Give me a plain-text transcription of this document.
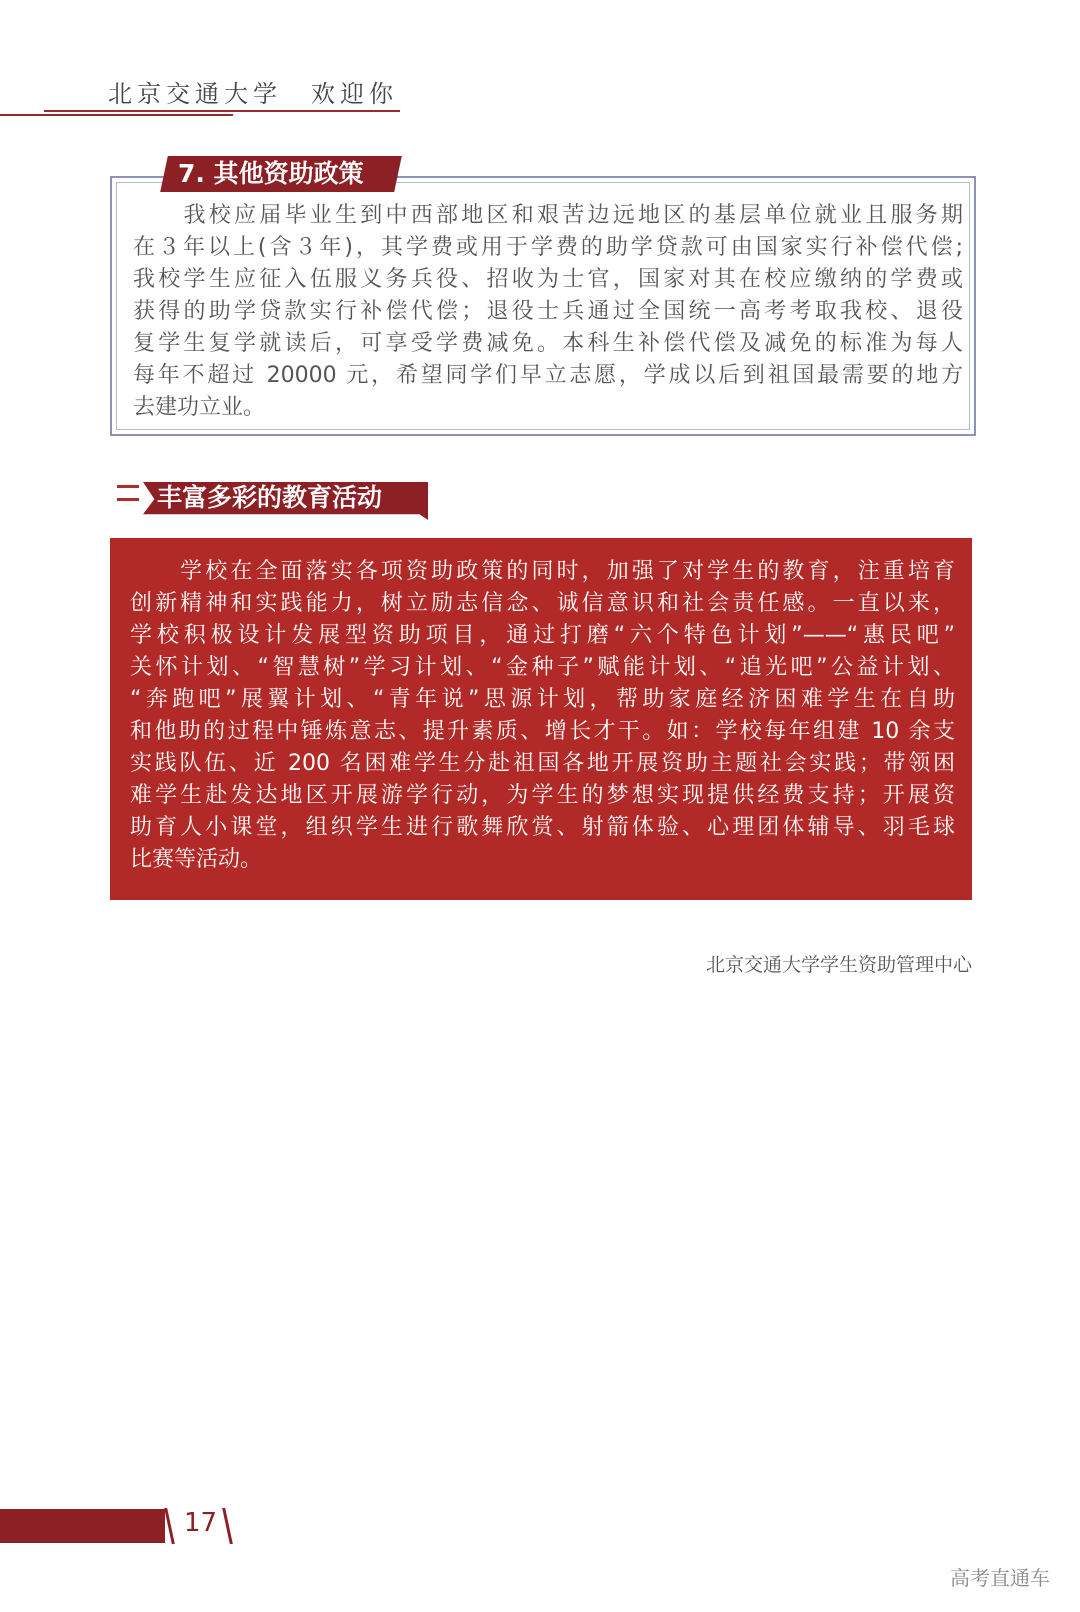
北京交通大学　欢迎你
7. 其他资助政策
　　我校应届毕业生到中西部地区和艰苦边远地区的基层单位就业且服务期
在３年以上(含３年)，其学费或用于学费的助学贷款可由国家实行补偿代偿;
我校学生应征入伍服义务兵役、招收为士官，国家对其在校应缴纳的学费或
获得的助学贷款实行补偿代偿；退役士兵通过全国统一高考考取我校、退役
复学生复学就读后，可享受学费减免。本科生补偿代偿及减免的标准为每人
每年不超过 20000 元，希望同学们早立志愿，学成以后到祖国最需要的地方
去建功立业。
丰富多彩的教育活动
　　学校在全面落实各项资助政策的同时，加强了对学生的教育，注重培育
创新精神和实践能力，树立励志信念、诚信意识和社会责任感。一直以来，
学校积极设计发展型资助项目，通过打磨“六个特色计划”——“惠民吧”
关怀计划、“智慧树”学习计划、“金种子”赋能计划、“追光吧”公益计划、
“奔跑吧”展翼计划、“青年说”思源计划，帮助家庭经济困难学生在自助
和他助的过程中锤炼意志、提升素质、增长才干。如：学校每年组建 10 余支
实践队伍、近 200 名困难学生分赴祖国各地开展资助主题社会实践；带领困
难学生赴发达地区开展游学行动，为学生的梦想实现提供经费支持；开展资
助育人小课堂，组织学生进行歌舞欣赏、射箭体验、心理团体辅导、羽毛球
比赛等活动。
北京交通大学学生资助管理中心
17
高考直通车
